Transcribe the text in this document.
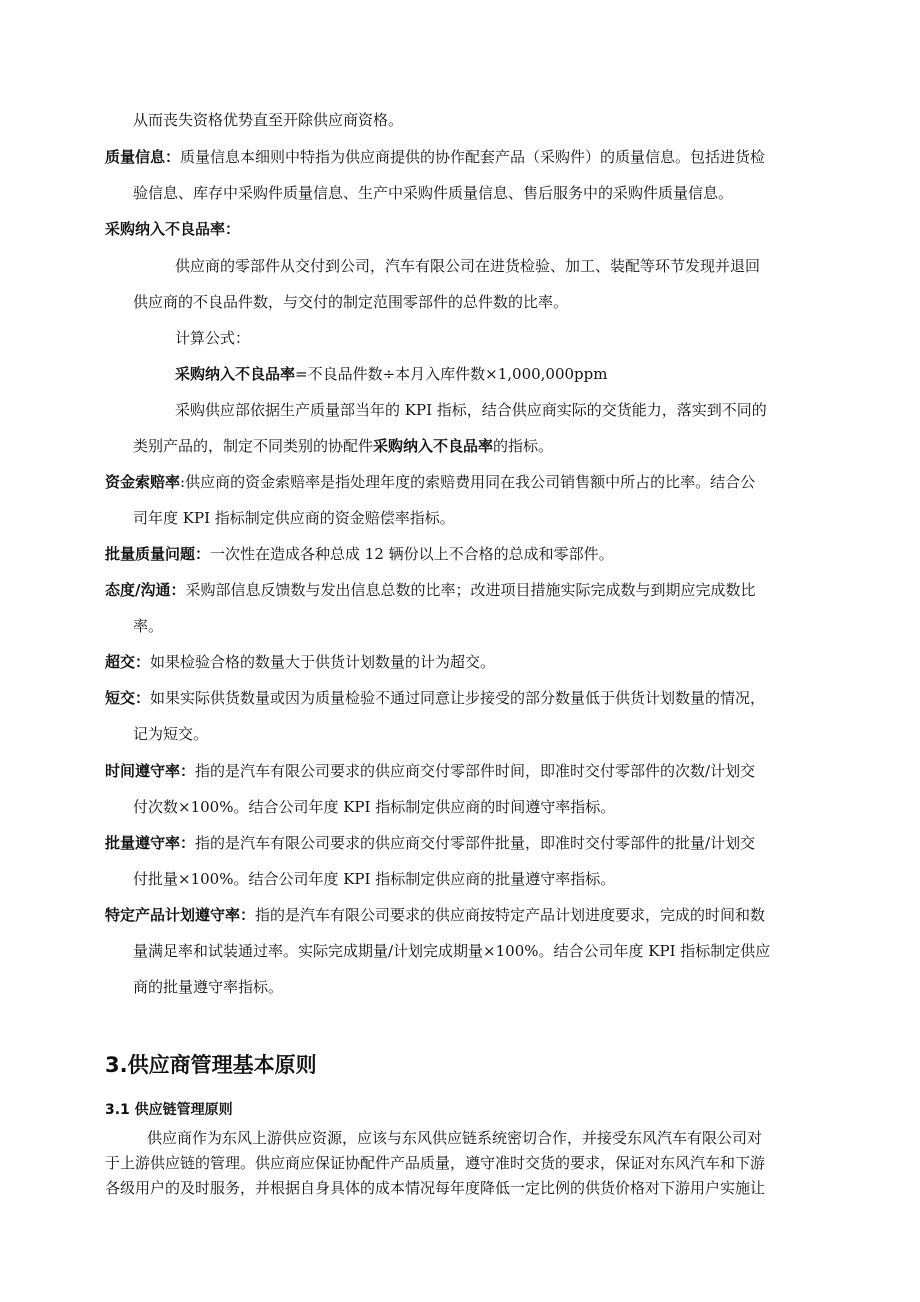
从而丧失资格优势直至开除供应商资格。
质量信息：质量信息本细则中特指为供应商提供的协作配套产品（采购件）的质量信息。包括进货检
验信息、库存中采购件质量信息、生产中采购件质量信息、售后服务中的采购件质量信息。
采购纳入不良品率：
供应商的零部件从交付到公司，汽车有限公司在进货检验、加工、装配等环节发现并退回
供应商的不良品件数，与交付的制定范围零部件的总件数的比率。
计算公式：
采购纳入不良品率=不良品件数÷本月入库件数×1,000,000ppm
采购供应部依据生产质量部当年的 KPI 指标，结合供应商实际的交货能力，落实到不同的
类别产品的，制定不同类别的协配件采购纳入不良品率的指标。
资金索赔率:供应商的资金索赔率是指处理年度的索赔费用同在我公司销售额中所占的比率。结合公
司年度 KPI 指标制定供应商的资金赔偿率指标。
批量质量问题：一次性在造成各种总成 12 辆份以上不合格的总成和零部件。
态度/沟通：采购部信息反馈数与发出信息总数的比率；改进项目措施实际完成数与到期应完成数比
率。
超交：如果检验合格的数量大于供货计划数量的计为超交。
短交：如果实际供货数量或因为质量检验不通过同意让步接受的部分数量低于供货计划数量的情况，
记为短交。
时间遵守率：指的是汽车有限公司要求的供应商交付零部件时间，即准时交付零部件的次数/计划交
付次数×100%。结合公司年度 KPI 指标制定供应商的时间遵守率指标。
批量遵守率：指的是汽车有限公司要求的供应商交付零部件批量，即准时交付零部件的批量/计划交
付批量×100%。结合公司年度 KPI 指标制定供应商的批量遵守率指标。
特定产品计划遵守率：指的是汽车有限公司要求的供应商按特定产品计划进度要求，完成的时间和数
量满足率和试装通过率。实际完成期量/计划完成期量×100%。结合公司年度 KPI 指标制定供应
商的批量遵守率指标。
3.供应商管理基本原则
3.1 供应链管理原则
供应商作为东风上游供应资源，应该与东风供应链系统密切合作，并接受东风汽车有限公司对
于上游供应链的管理。供应商应保证协配件产品质量，遵守准时交货的要求，保证对东风汽车和下游
各级用户的及时服务，并根据自身具体的成本情况每年度降低一定比例的供货价格对下游用户实施让
